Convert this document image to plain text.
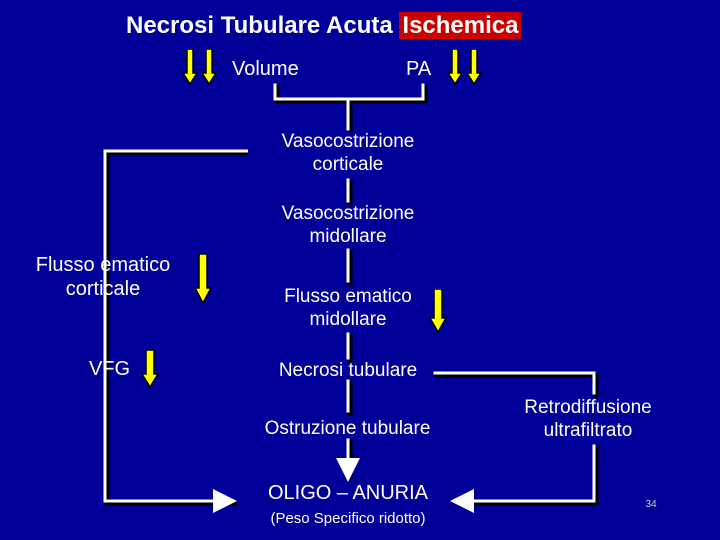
Necrosi Tubulare Acuta Ischemica
Volume	PA
Vasocostrizione
corticale
Vasocostrizione
midollare
Flusso ematico
midollare
Necrosi tubulare
Ostruzione tubulare
OLIGO – ANURIA
(Peso Specifico ridotto)
Flusso ematico
corticale
VFG
Retrodiffusione
ultrafiltrato
34
